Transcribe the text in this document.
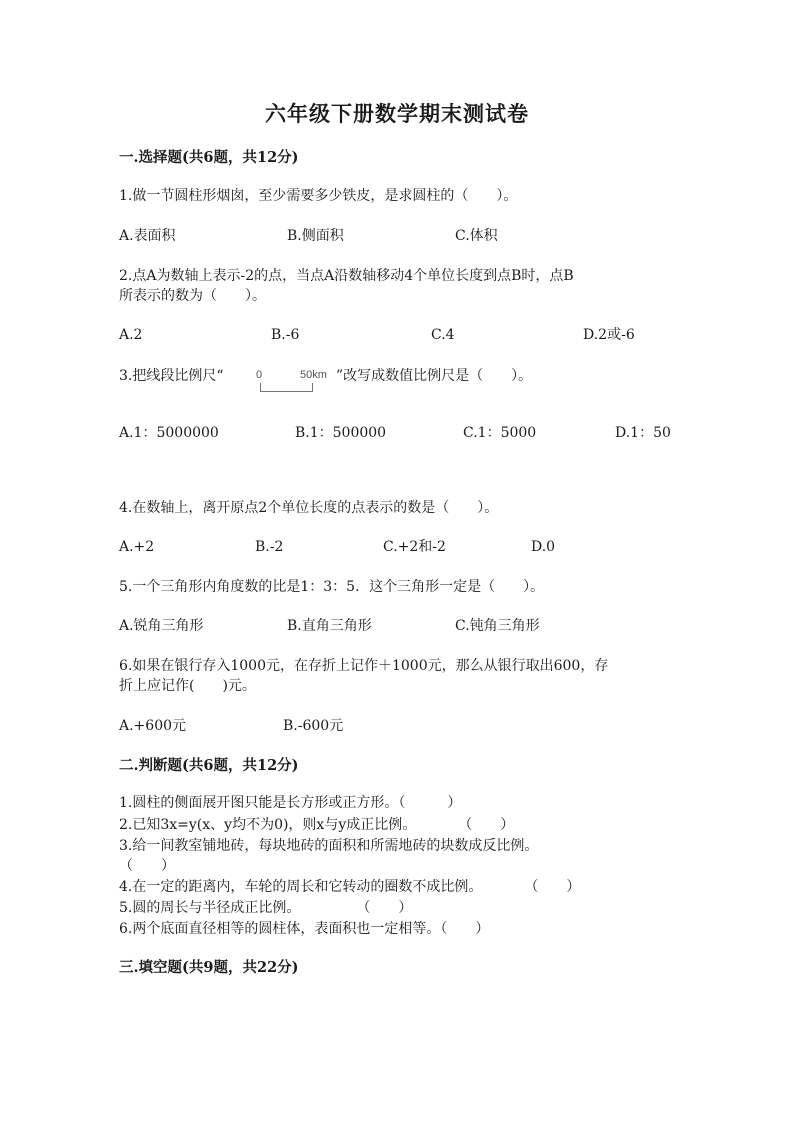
六年级下册数学期末测试卷
一.选择题(共6题，共12分)
1.做一节圆柱形烟囱，至少需要多少铁皮，是求圆柱的（　　）。
A.表面积	B.侧面积	C.体积
2.点A为数轴上表示-2的点，当点A沿数轴移动4个单位长度到点B时，点B
所表示的数为（　　）。
A.2	B.-6	C.4	D.2或-6
3.把线段比例尺“	0	50km ”改写成数值比例尺是（　　）。
A.1：5000000	B.1：500000	C.1：5000	D.1：50
4.在数轴上，离开原点2个单位长度的点表示的数是（　　）。
A.+2	B.-2	C.+2和-2	D.0
5.一个三角形内角度数的比是1：3：5．这个三角形一定是（　　）。
A.锐角三角形	B.直角三角形	C.钝角三角形
6.如果在银行存入1000元，在存折上记作＋1000元，那么从银行取出600，存
折上应记作(　　)元。
A.+600元	B.-600元
二.判断题(共6题，共12分)
1.圆柱的侧面展开图只能是长方形或正方形。（　　　）
2.已知3x=y(x、y均不为0)，则x与y成正比例。　　　　（　　）
3.给一间教室铺地砖，每块地砖的面积和所需地砖的块数成反比例。
（　　）
4.在一定的距离内，车轮的周长和它转动的圈数不成比例。　　　　（　　）
5.圆的周长与半径成正比例。　　　　　（　　）
6.两个底面直径相等的圆柱体，表面积也一定相等。（　　）
三.填空题(共9题，共22分)
